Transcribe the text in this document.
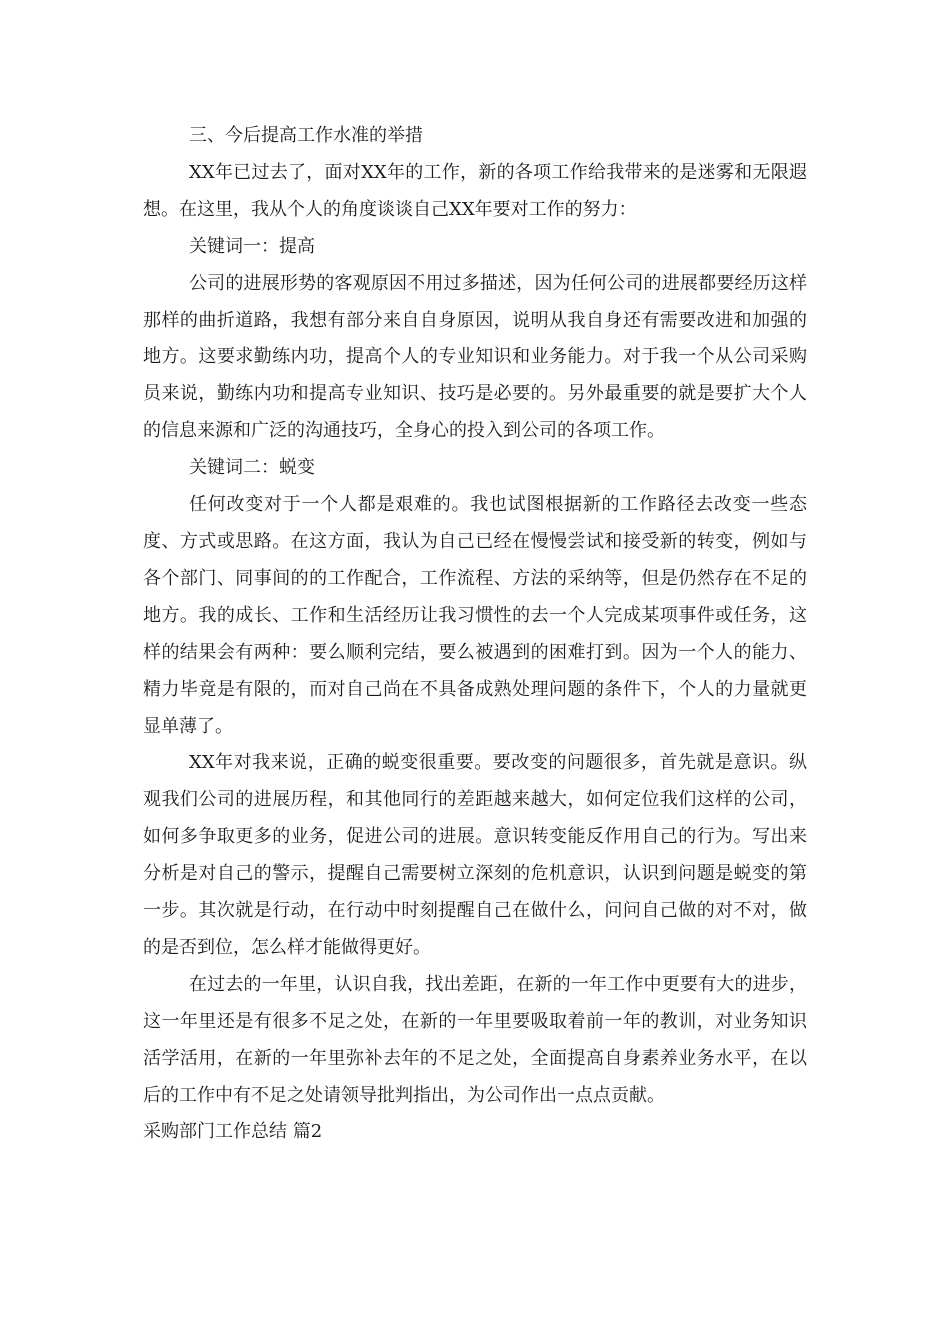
三、今后提高工作水准的举措

XX年已过去了，面对XX年的工作，新的各项工作给我带来的是迷雾和无限遐想。在这里，我从个人的角度谈谈自己XX年要对工作的努力：

关键词一：提高

公司的进展形势的客观原因不用过多描述，因为任何公司的进展都要经历这样那样的曲折道路，我想有部分来自自身原因，说明从我自身还有需要改进和加强的地方。这要求勤练内功，提高个人的专业知识和业务能力。对于我一个从公司采购员来说，勤练内功和提高专业知识、技巧是必要的。另外最重要的就是要扩大个人的信息来源和广泛的沟通技巧，全身心的投入到公司的各项工作。

关键词二：蜕变

任何改变对于一个人都是艰难的。我也试图根据新的工作路径去改变一些态度、方式或思路。在这方面，我认为自己已经在慢慢尝试和接受新的转变，例如与各个部门、同事间的的工作配合，工作流程、方法的采纳等，但是仍然存在不足的地方。我的成长、工作和生活经历让我习惯性的去一个人完成某项事件或任务，这样的结果会有两种：要么顺利完结，要么被遇到的困难打到。因为一个人的能力、精力毕竟是有限的，而对自己尚在不具备成熟处理问题的条件下，个人的力量就更显单薄了。

XX年对我来说，正确的蜕变很重要。要改变的问题很多，首先就是意识。纵观我们公司的进展历程，和其他同行的差距越来越大，如何定位我们这样的公司，如何多争取更多的业务，促进公司的进展。意识转变能反作用自己的行为。写出来分析是对自己的警示，提醒自己需要树立深刻的危机意识，认识到问题是蜕变的第一步。其次就是行动，在行动中时刻提醒自己在做什么，问问自己做的对不对，做的是否到位，怎么样才能做得更好。

在过去的一年里，认识自我，找出差距，在新的一年工作中更要有大的进步，这一年里还是有很多不足之处，在新的一年里要吸取着前一年的教训，对业务知识活学活用，在新的一年里弥补去年的不足之处，全面提高自身素养业务水平，在以后的工作中有不足之处请领导批判指出，为公司作出一点点贡献。

采购部门工作总结 篇2
